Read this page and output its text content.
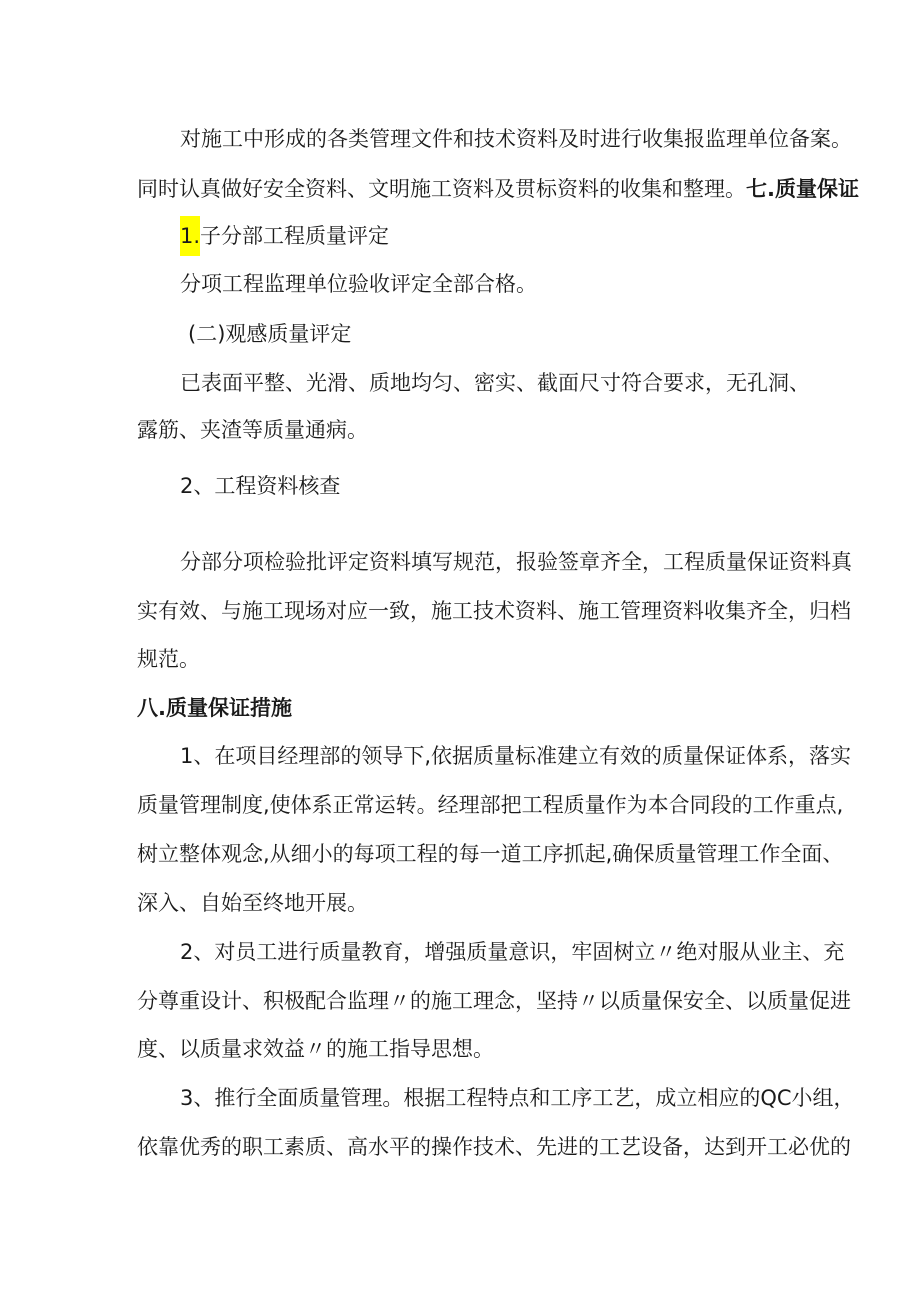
对施工中形成的各类管理文件和技术资料及时进行收集报监理单位备案。
同时认真做好安全资料、文明施工资料及贯标资料的收集和整理。七.质量保证
1.子分部工程质量评定
分项工程监理单位验收评定全部合格。
(二)观感质量评定
已表面平整、光滑、质地均匀、密实、截面尺寸符合要求，无孔洞、
露筋、夹渣等质量通病。
2、工程资料核查
分部分项检验批评定资料填写规范，报验签章齐全，工程质量保证资料真
实有效、与施工现场对应一致，施工技术资料、施工管理资料收集齐全，归档
规范。
八.质量保证措施
1、在项目经理部的领导下,依据质量标准建立有效的质量保证体系，落实
质量管理制度,使体系正常运转。经理部把工程质量作为本合同段的工作重点,
树立整体观念,从细小的每项工程的每一道工序抓起,确保质量管理工作全面、
深入、自始至终地开展。
2、对员工进行质量教育，增强质量意识，牢固树立〃绝对服从业主、充
分尊重设计、积极配合监理〃的施工理念，坚持〃以质量保安全、以质量促进
度、以质量求效益〃的施工指导思想。
3、推行全面质量管理。根据工程特点和工序工艺，成立相应的QC小组，
依靠优秀的职工素质、高水平的操作技术、先进的工艺设备，达到开工必优的
